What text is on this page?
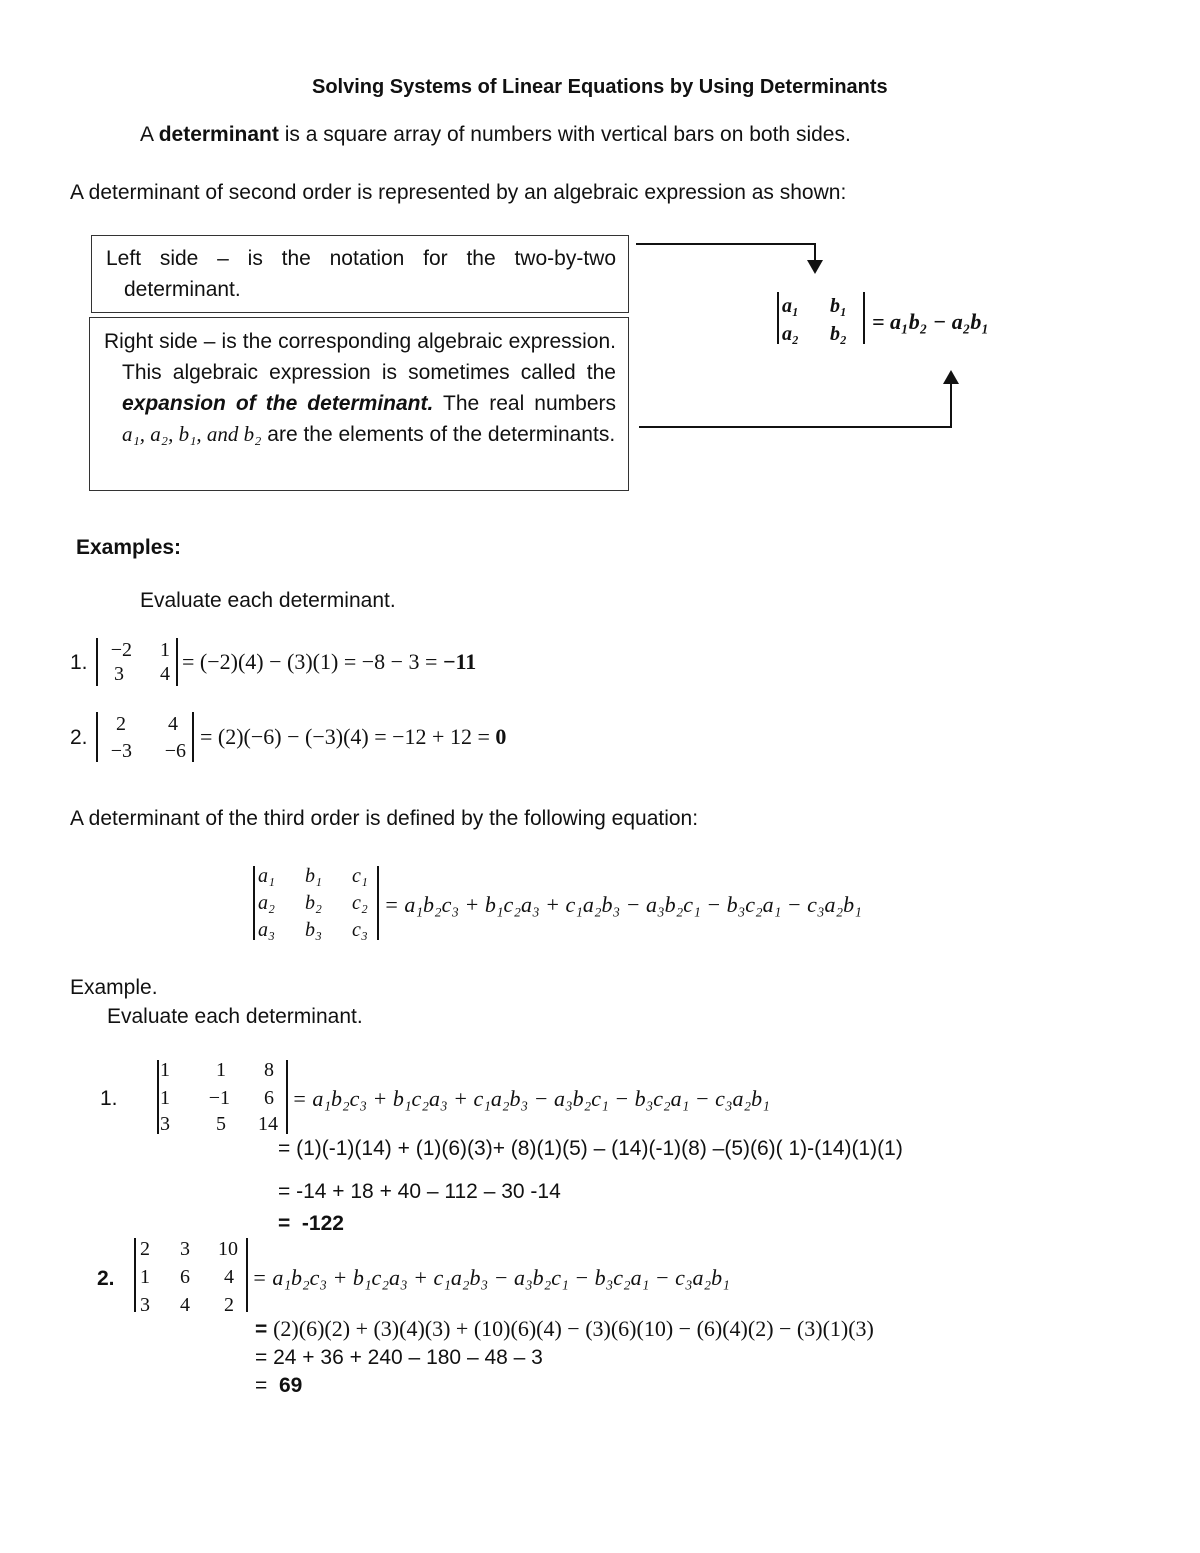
Solving Systems of Linear Equations by Using Determinants
A determinant is a square array of numbers with vertical bars on both sides.
A determinant of second order is represented by an algebraic expression as shown:
Left side – is the notation for the two-by-two determinant.
Right side – is the corresponding algebraic expression. This algebraic expression is sometimes called the expansion of the determinant. The real numbers a₁, a₂, b₁, and b₂ are the elements of the determinants.
a₁	b₁
a₂	b₂	= a₁b₂ − a₂b₁
Examples:
Evaluate each determinant.
1.
−2	1
3	4 = (−2)(4) − (3)(1) = −8 − 3 = −11
2.
2	4
−3	−6
= (2)(−6) − (−3)(4) = −12 + 12 = 0
A determinant of the third order is defined by the following equation:
a₁	b₁	c₁
a₂	b₂	c₂
a₃	b₃	c₃
= a₁b₂c₃ + b₁c₂a₃ + c₁a₂b₃ − a₃b₂c₁ − b₃c₂a₁ − c₃a₂b₁
Example.
Evaluate each determinant.
1.
1	1	8
1	−1	6
3	5	14
= a₁b₂c₃ + b₁c₂a₃ + c₁a₂b₃ − a₃b₂c₁ − b₃c₂a₁ − c₃a₂b₁
= (1)(-1)(14) + (1)(6)(3)+ (8)(1)(5) – (14)(-1)(8) –(5)(6)( 1)-(14)(1)(1)
= -14 + 18 + 40 – 112 – 30 -14
=  -122
2.
2	3	10
1	6	4
3	4	2
= a₁b₂c₃ + b₁c₂a₃ + c₁a₂b₃ − a₃b₂c₁ − b₃c₂a₁ − c₃a₂b₁
= (2)(6)(2) + (3)(4)(3) + (10)(6)(4) − (3)(6)(10) − (6)(4)(2) − (3)(1)(3)
= 24 + 36 + 240 – 180 – 48 – 3
=  69
